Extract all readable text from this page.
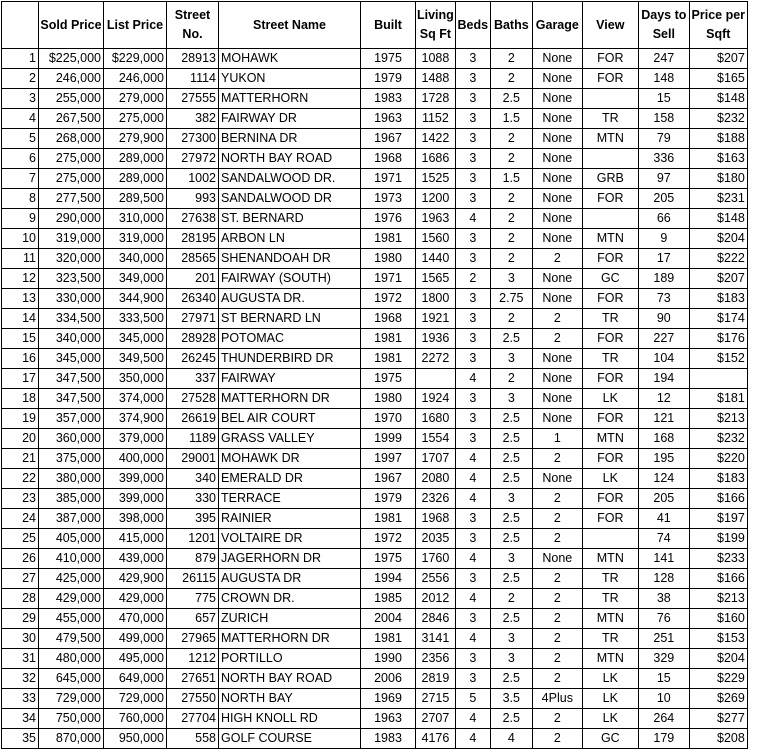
	Sold Price	List Price	Street No.	Street Name	Built	Living Sq Ft	Beds	Baths	Garage	View	Days to Sell	Price per Sqft
1	$225,000	$229,000	28913	MOHAWK	1975	1088	3	2	None	FOR	247	$207
2	246,000	246,000	1114	YUKON	1979	1488	3	2	None	FOR	148	$165
3	255,000	279,000	27555	MATTERHORN	1983	1728	3	2.5	None		15	$148
4	267,500	275,000	382	FAIRWAY DR	1963	1152	3	1.5	None	TR	158	$232
5	268,000	279,900	27300	BERNINA DR	1967	1422	3	2	None	MTN	79	$188
6	275,000	289,000	27972	NORTH BAY ROAD	1968	1686	3	2	None		336	$163
7	275,000	289,000	1002	SANDALWOOD DR.	1971	1525	3	1.5	None	GRB	97	$180
8	277,500	289,500	993	SANDALWOOD DR	1973	1200	3	2	None	FOR	205	$231
9	290,000	310,000	27638	ST. BERNARD	1976	1963	4	2	None		66	$148
10	319,000	319,000	28195	ARBON LN	1981	1560	3	2	None	MTN	9	$204
11	320,000	340,000	28565	SHENANDOAH DR	1980	1440	3	2	2	FOR	17	$222
12	323,500	349,000	201	FAIRWAY (SOUTH)	1971	1565	2	3	None	GC	189	$207
13	330,000	344,900	26340	AUGUSTA DR.	1972	1800	3	2.75	None	FOR	73	$183
14	334,500	333,500	27971	ST BERNARD LN	1968	1921	3	2	2	TR	90	$174
15	340,000	345,000	28928	POTOMAC	1981	1936	3	2.5	2	FOR	227	$176
16	345,000	349,500	26245	THUNDERBIRD DR	1981	2272	3	3	None	TR	104	$152
17	347,500	350,000	337	FAIRWAY	1975		4	2	None	FOR	194	
18	347,500	374,000	27528	MATTERHORN DR	1980	1924	3	3	None	LK	12	$181
19	357,000	374,900	26619	BEL AIR COURT	1970	1680	3	2.5	None	FOR	121	$213
20	360,000	379,000	1189	GRASS VALLEY	1999	1554	3	2.5	1	MTN	168	$232
21	375,000	400,000	29001	MOHAWK DR	1997	1707	4	2.5	2	FOR	195	$220
22	380,000	399,000	340	EMERALD DR	1967	2080	4	2.5	None	LK	124	$183
23	385,000	399,000	330	TERRACE	1979	2326	4	3	2	FOR	205	$166
24	387,000	398,000	395	RAINIER	1981	1968	3	2.5	2	FOR	41	$197
25	405,000	415,000	1201	VOLTAIRE DR	1972	2035	3	2.5	2		74	$199
26	410,000	439,000	879	JAGERHORN DR	1975	1760	4	3	None	MTN	141	$233
27	425,000	429,900	26115	AUGUSTA DR	1994	2556	3	2.5	2	TR	128	$166
28	429,000	429,000	775	CROWN DR.	1985	2012	4	2	2	TR	38	$213
29	455,000	470,000	657	ZURICH	2004	2846	3	2.5	2	MTN	76	$160
30	479,500	499,000	27965	MATTERHORN DR	1981	3141	4	3	2	TR	251	$153
31	480,000	495,000	1212	PORTILLO	1990	2356	3	3	2	MTN	329	$204
32	645,000	649,000	27651	NORTH BAY ROAD	2006	2819	3	2.5	2	LK	15	$229
33	729,000	729,000	27550	NORTH BAY	1969	2715	5	3.5	4Plus	LK	10	$269
34	750,000	760,000	27704	HIGH KNOLL RD	1963	2707	4	2.5	2	LK	264	$277
35	870,000	950,000	558	GOLF COURSE	1983	4176	4	4	2	GC	179	$208
